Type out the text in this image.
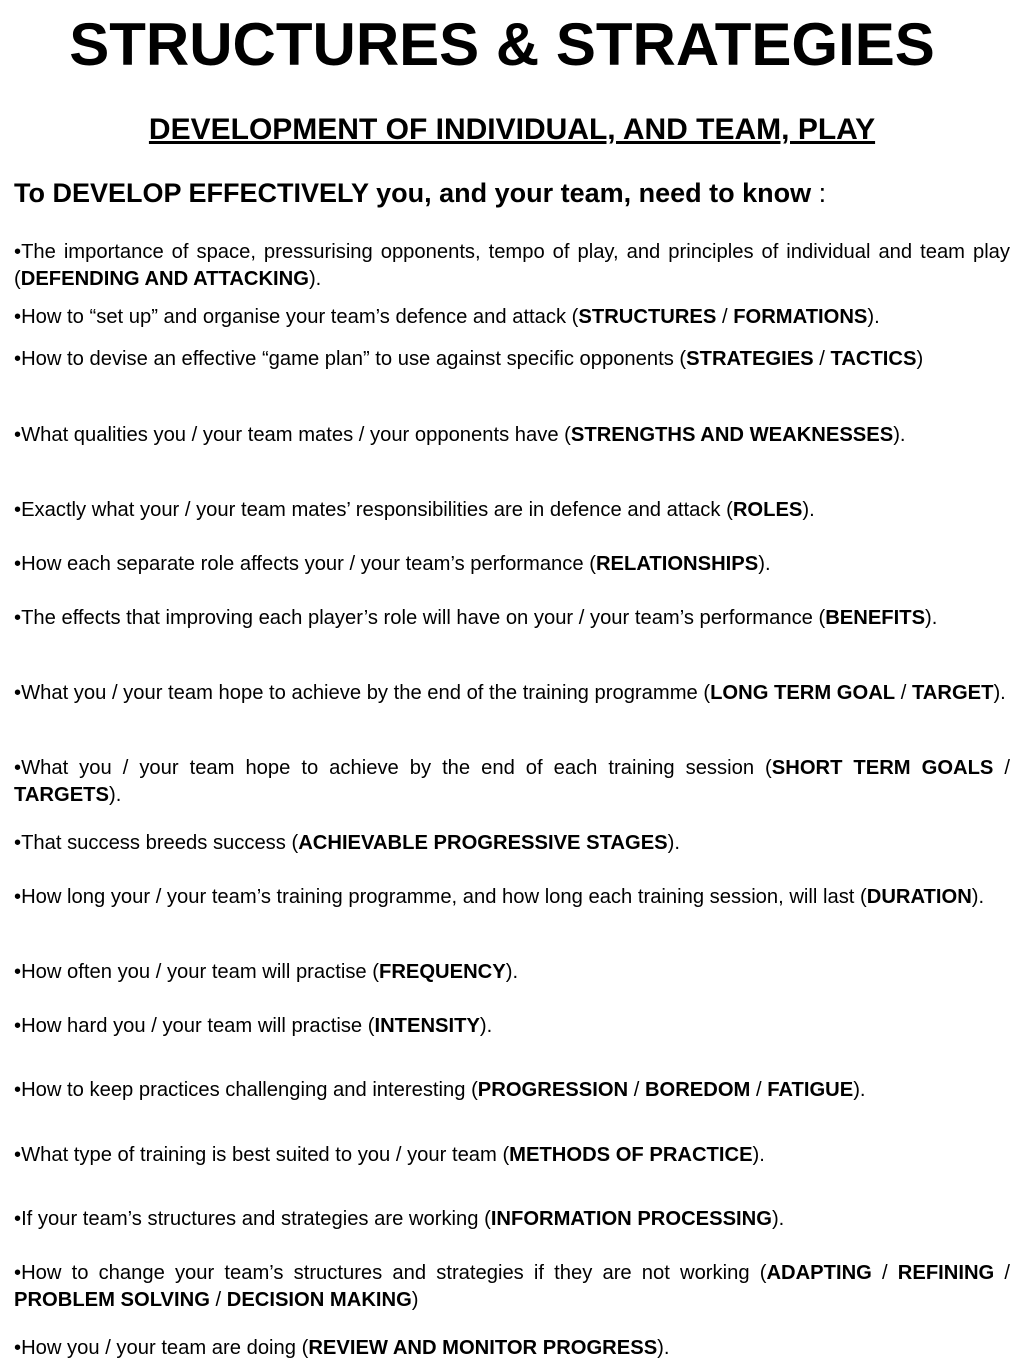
STRUCTURES & STRATEGIES
DEVELOPMENT OF INDIVIDUAL, AND TEAM, PLAY

To DEVELOP EFFECTIVELY you, and your team, need to know :

•The importance of space, pressurising opponents, tempo of play, and principles of individual and team play (DEFENDING AND ATTACKING).

•How to “set up” and organise your team’s defence and attack (STRUCTURES / FORMATIONS).

•How to devise an effective “game plan” to use against specific opponents (STRATEGIES / TACTICS)

•What qualities you / your team mates / your opponents have (STRENGTHS AND WEAKNESSES).

•Exactly what your / your team mates’ responsibilities are in defence and attack (ROLES).

•How each separate role affects your / your team’s performance (RELATIONSHIPS).

•The effects that improving each player’s role will have on your / your team’s performance (BENEFITS).

•What you / your team hope to achieve by the end of the training programme (LONG TERM GOAL / TARGET).

•What you / your team hope to achieve by the end of each training session (SHORT TERM GOALS / TARGETS).

•That success breeds success (ACHIEVABLE PROGRESSIVE STAGES).

•How long your / your team’s training programme, and how long each training session, will last (DURATION).

•How often you / your team will practise (FREQUENCY).

•How hard you / your team will practise (INTENSITY).

•How to keep practices challenging and interesting (PROGRESSION / BOREDOM / FATIGUE).

•What type of training is best suited to you / your team (METHODS OF PRACTICE).

•If your team’s structures and strategies are working (INFORMATION PROCESSING).

•How to change your team’s structures and strategies if they are not working (ADAPTING / REFINING / PROBLEM SOLVING / DECISION MAKING)

•How you / your team are doing (REVIEW AND MONITOR PROGRESS).
